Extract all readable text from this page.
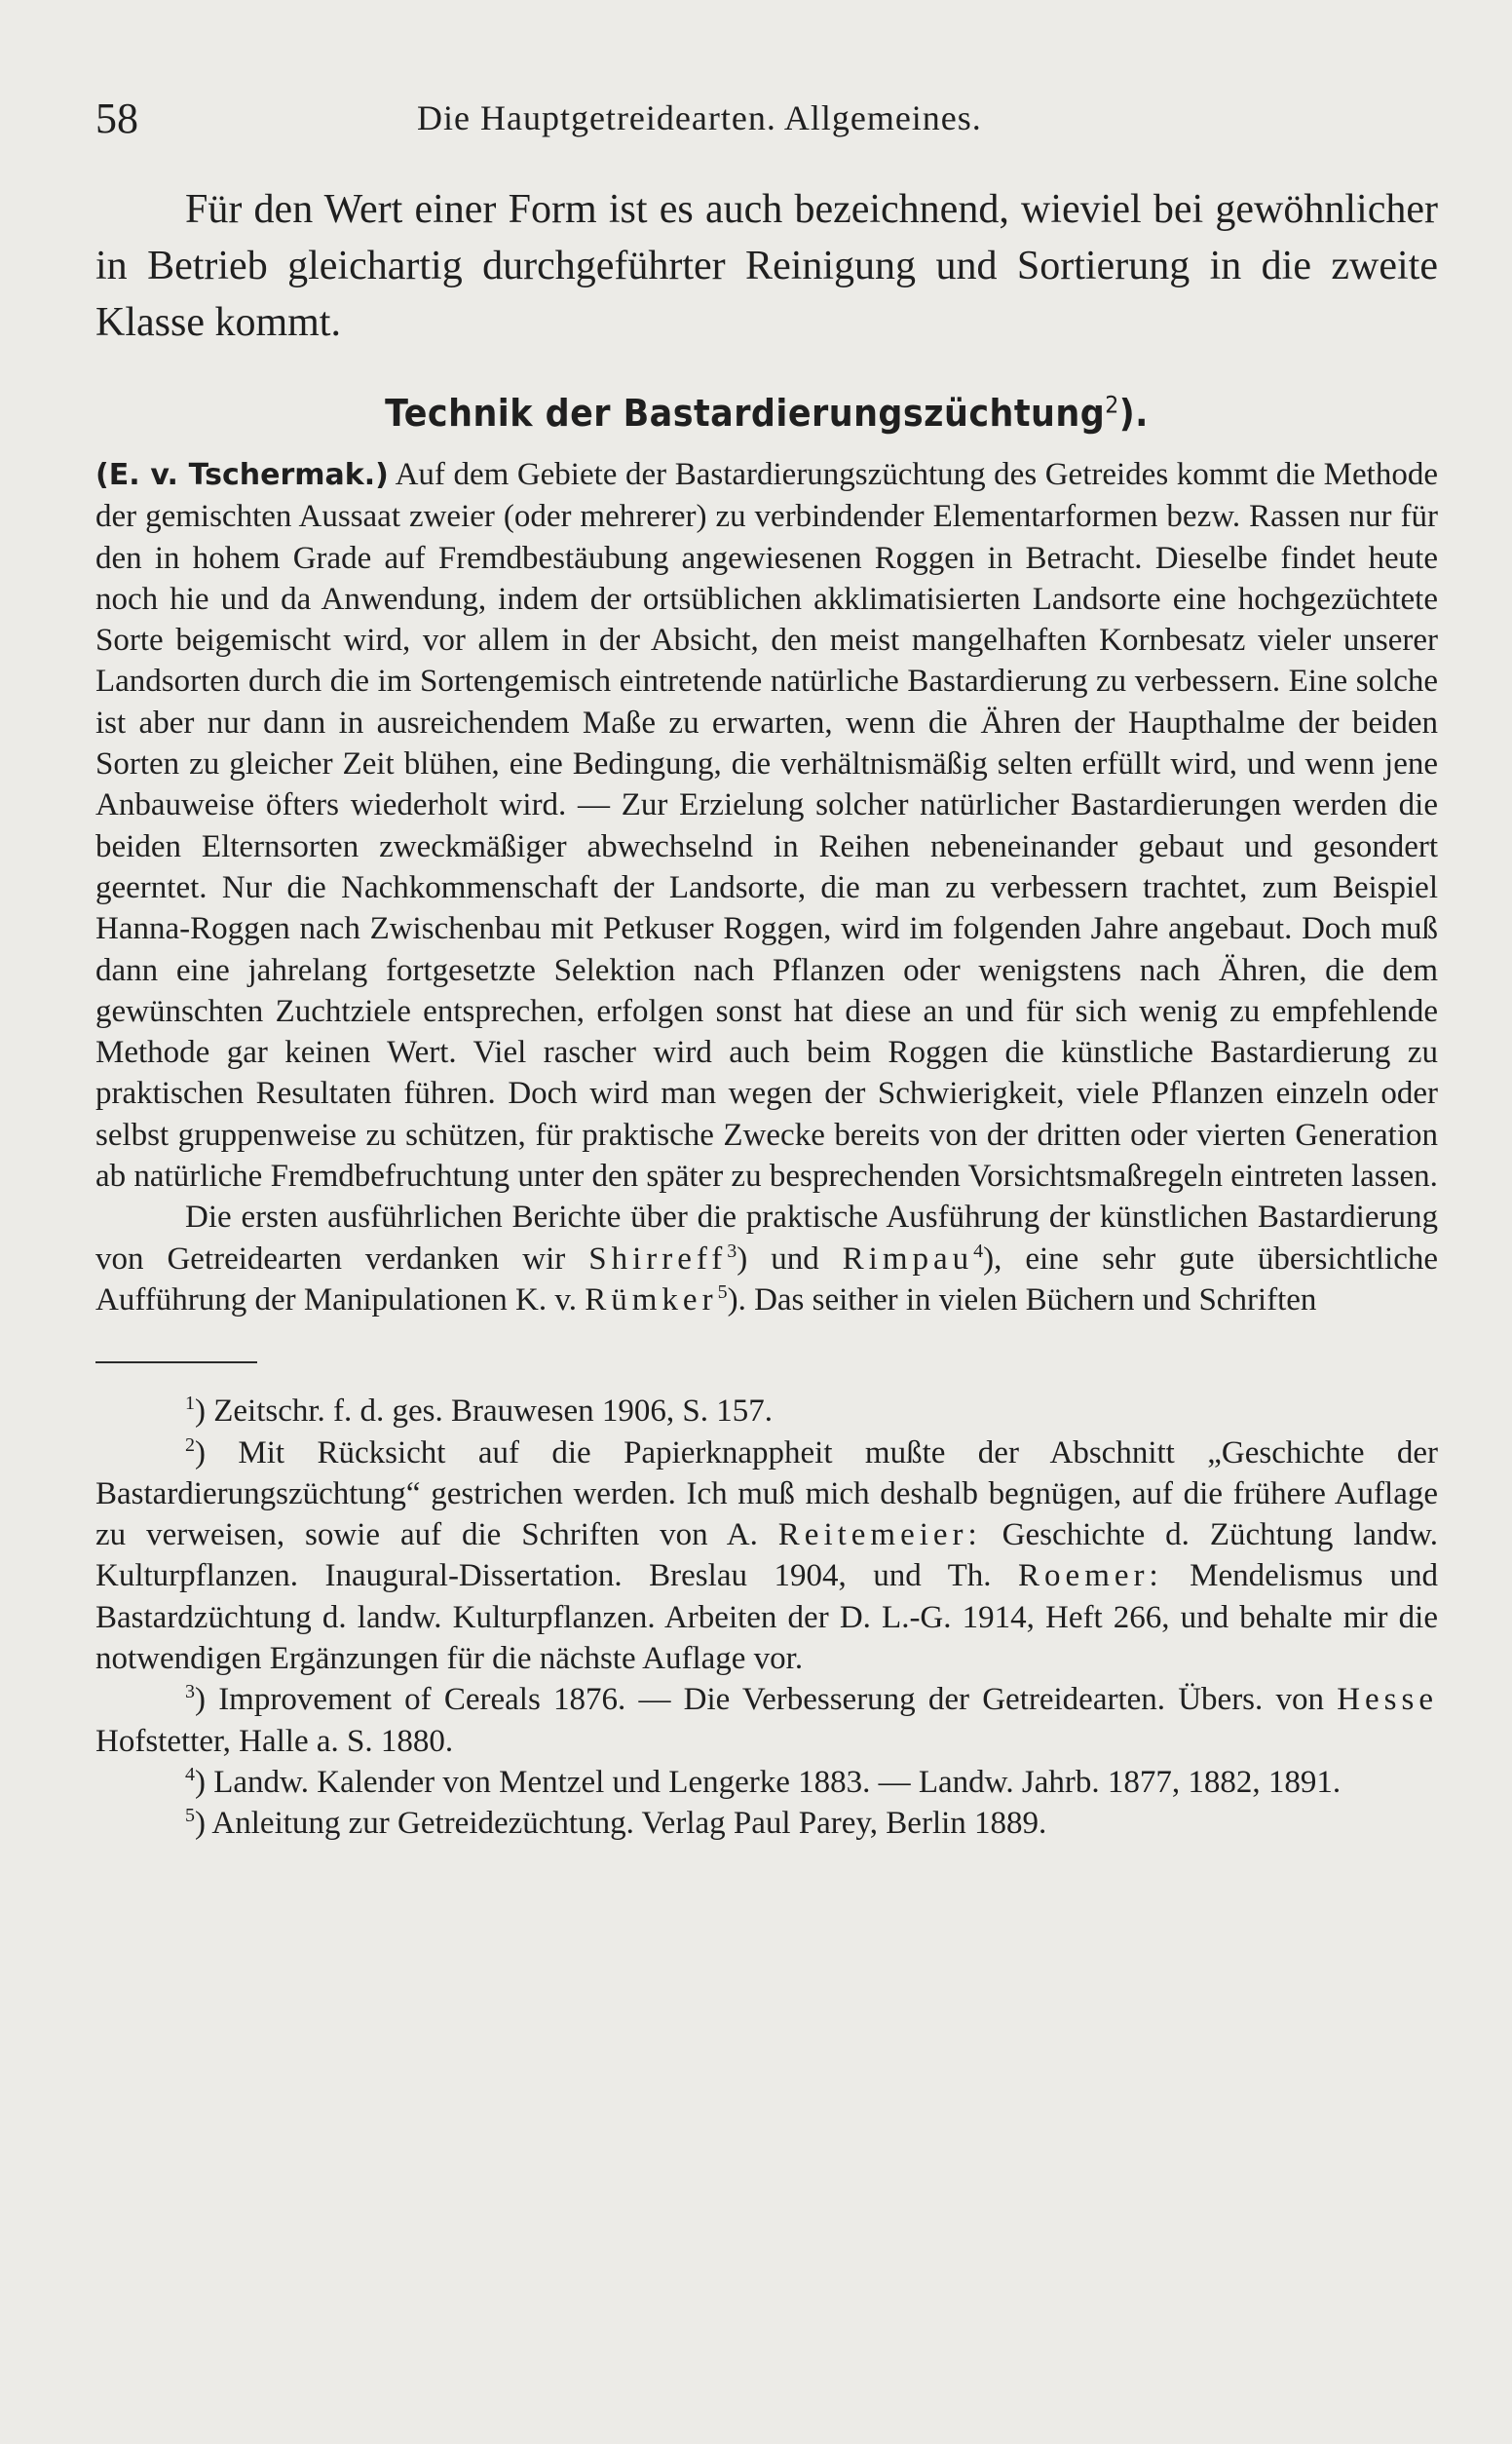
58	Die Hauptgetreidearten. Allgemeines.

Für den Wert einer Form ist es auch bezeichnend, wieviel bei gewöhnlicher in Betrieb gleichartig durchgeführter Reinigung und Sortierung in die zweite Klasse kommt.

Technik der Bastardierungszüchtung$^2$).

(E. v. Tschermak.) Auf dem Gebiete der Bastardierungszüchtung des Getreides kommt die Methode der gemischten Aussaat zweier (oder mehrerer) zu verbindender Elementarformen bezw. Rassen nur für den in hohem Grade auf Fremdbestäubung angewiesenen Roggen in Betracht. Dieselbe findet heute noch hie und da Anwendung, indem der ortsüblichen akklimatisierten Landsorte eine hochgezüchtete Sorte beigemischt wird, vor allem in der Absicht, den meist mangelhaften Kornbesatz vieler unserer Landsorten durch die im Sortengemisch eintretende natürliche Bastardierung zu verbessern. Eine solche ist aber nur dann in ausreichendem Maße zu erwarten, wenn die Ähren der Haupthalme der beiden Sorten zu gleicher Zeit blühen, eine Bedingung, die verhältnismäßig selten erfüllt wird, und wenn jene Anbauweise öfters wiederholt wird. — Zur Erzielung solcher natürlicher Bastardierungen werden die beiden Elternsorten zweckmäßiger abwechselnd in Reihen nebeneinander gebaut und gesondert geerntet. Nur die Nachkommenschaft der Landsorte, die man zu verbessern trachtet, zum Beispiel Hanna-Roggen nach Zwischenbau mit Petkuser Roggen, wird im folgenden Jahre angebaut. Doch muß dann eine jahrelang fortgesetzte Selektion nach Pflanzen oder wenigstens nach Ähren, die dem gewünschten Zuchtziele entsprechen, erfolgen sonst hat diese an und für sich wenig zu empfehlende Methode gar keinen Wert. Viel rascher wird auch beim Roggen die künstliche Bastardierung zu praktischen Resultaten führen. Doch wird man wegen der Schwierigkeit, viele Pflanzen einzeln oder selbst gruppenweise zu schützen, für praktische Zwecke bereits von der dritten oder vierten Generation ab natürliche Fremdbefruchtung unter den später zu besprechenden Vorsichtsmaßregeln eintreten lassen.

Die ersten ausführlichen Berichte über die praktische Ausführung der künstlichen Bastardierung von Getreidearten verdanken wir Shirreff$^3$) und Rimpau$^4$), eine sehr gute übersichtliche Aufführung der Manipulationen K. v. Rümker$^5$). Das seither in vielen Büchern und Schriften

$^1$) Zeitschr. f. d. ges. Brauwesen 1906, S. 157.

$^2$) Mit Rücksicht auf die Papierknappheit mußte der Abschnitt „Geschichte der Bastardierungszüchtung“ gestrichen werden. Ich muß mich deshalb begnügen, auf die frühere Auflage zu verweisen, sowie auf die Schriften von A. Reitemeier: Geschichte d. Züchtung landw. Kulturpflanzen. Inaugural-Dissertation. Breslau 1904, und Th. Roemer: Mendelismus und Bastardzüchtung d. landw. Kulturpflanzen. Arbeiten der D. L.-G. 1914, Heft 266, und behalte mir die notwendigen Ergänzungen für die nächste Auflage vor.

$^3$) Improvement of Cereals 1876. — Die Verbesserung der Getreidearten. Übers. von Hesse Hofstetter, Halle a. S. 1880.

$^4$) Landw. Kalender von Mentzel und Lengerke 1883. — Landw. Jahrb. 1877, 1882, 1891.

$^5$) Anleitung zur Getreidezüchtung. Verlag Paul Parey, Berlin 1889.
